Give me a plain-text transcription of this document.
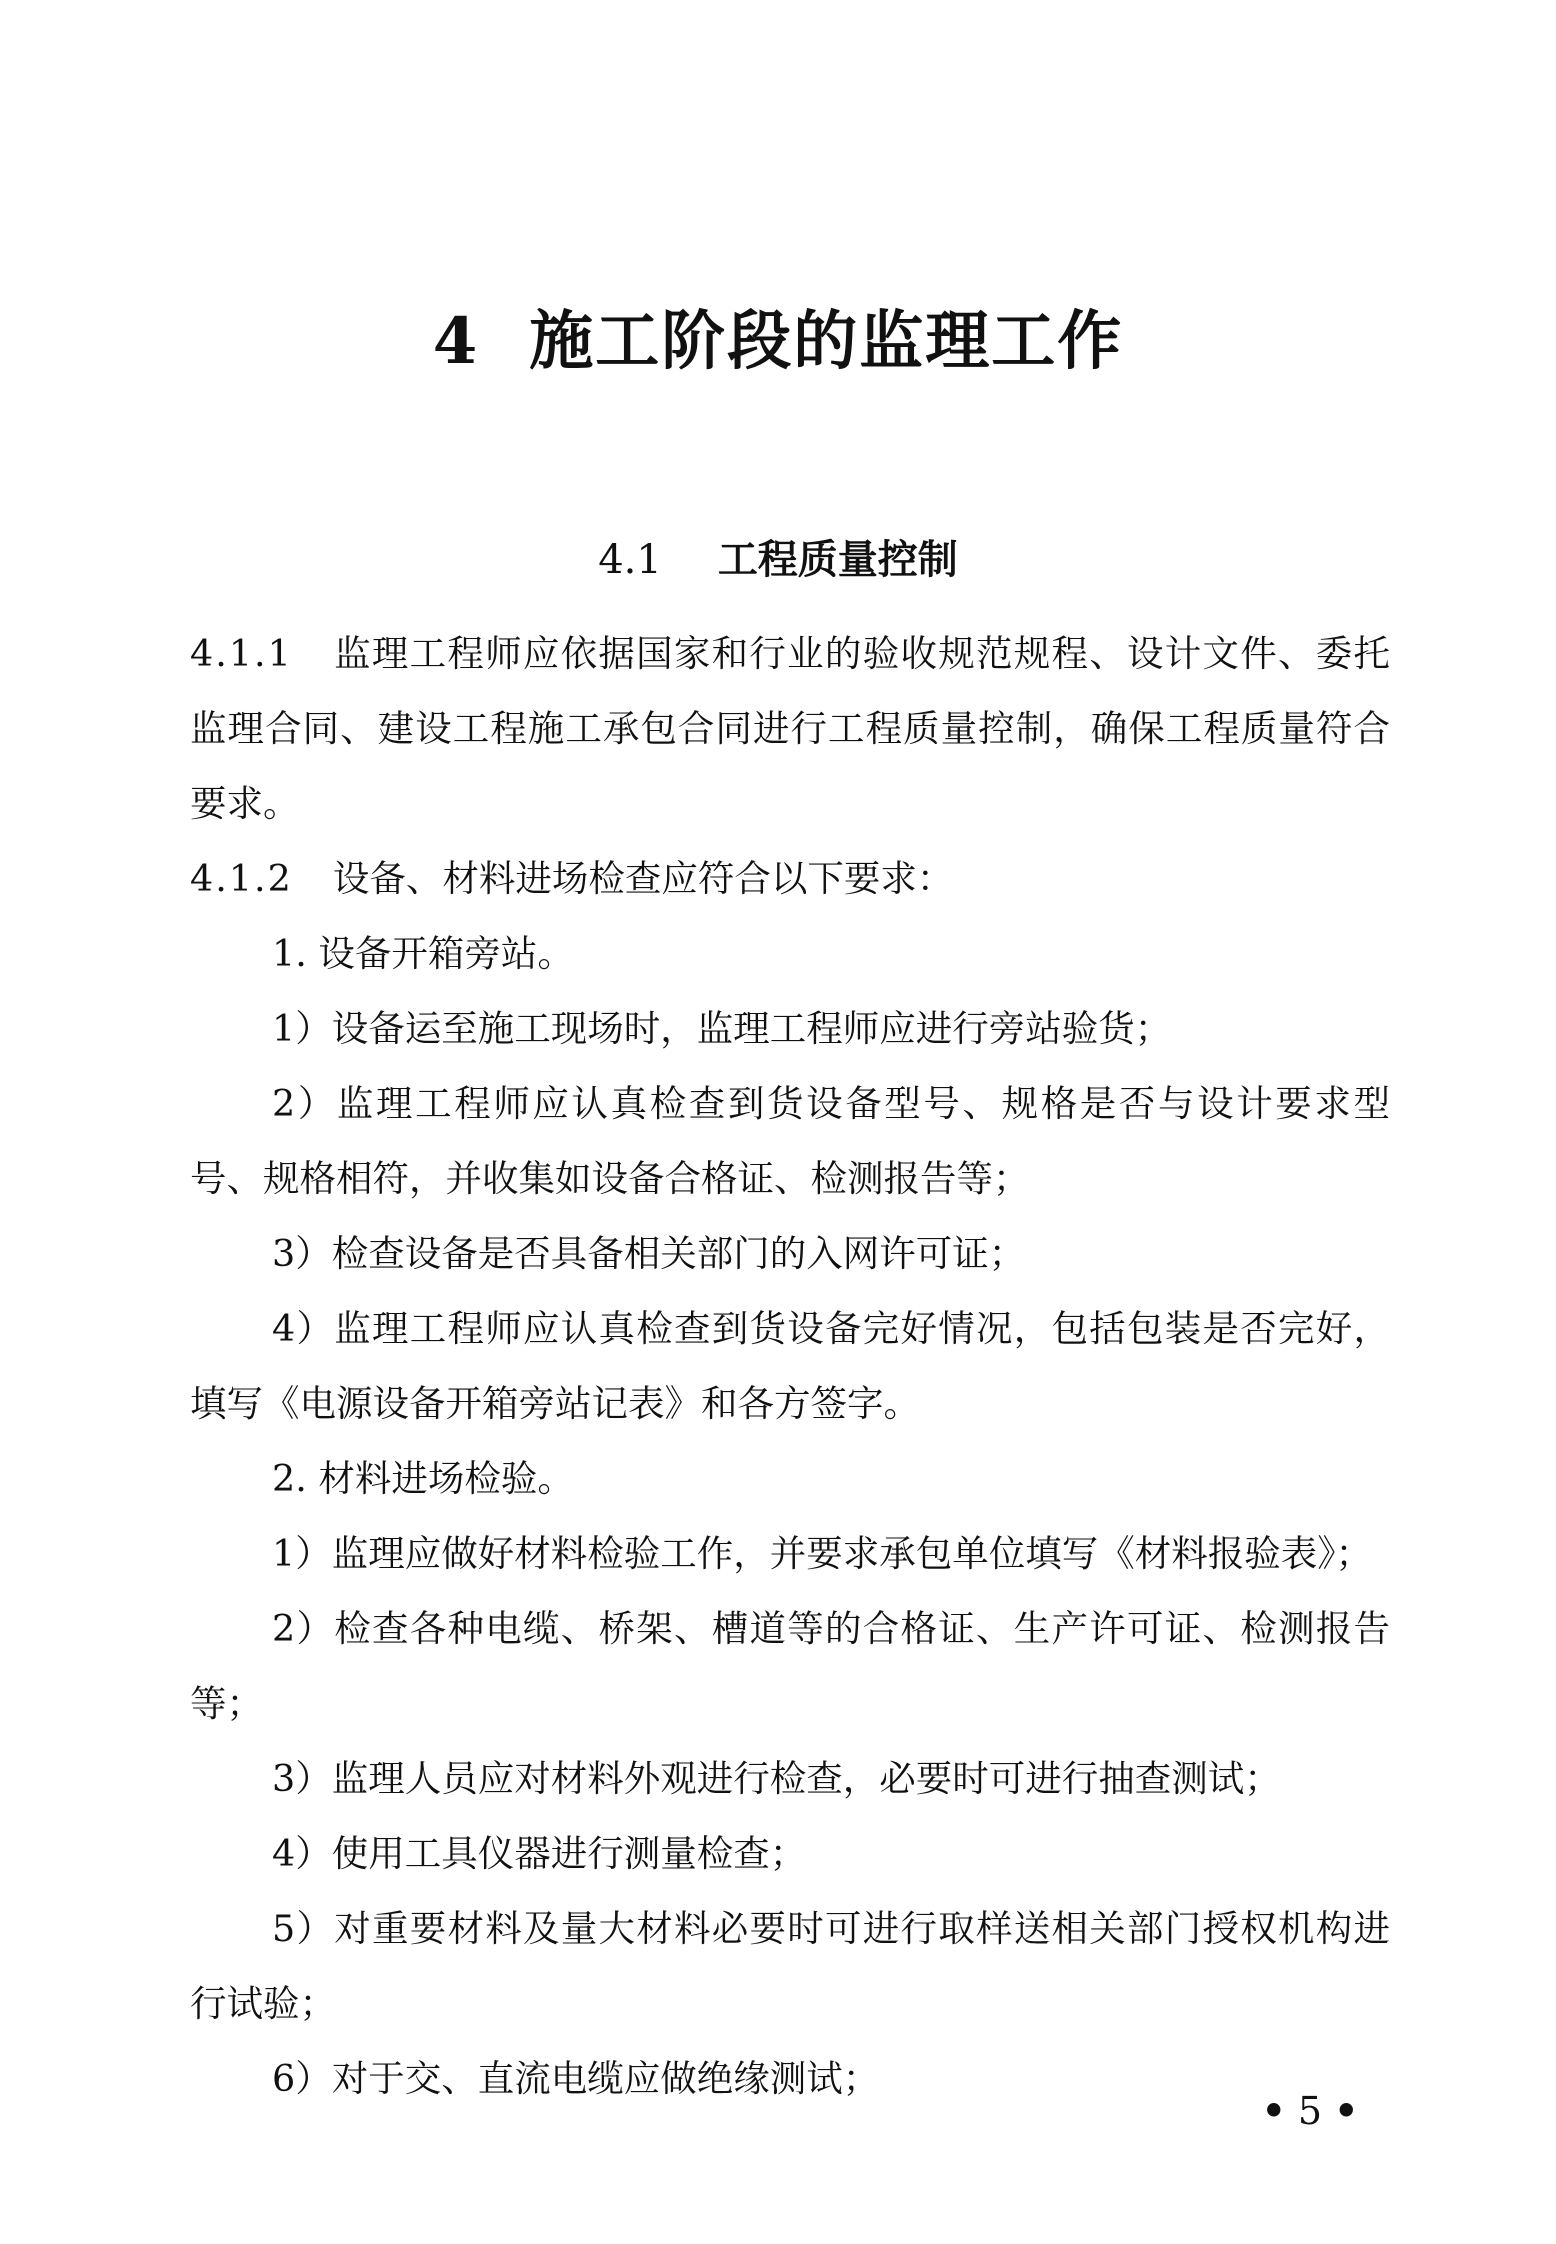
4 施工阶段的监理工作
4.1 工程质量控制

4.1.1 监理工程师应依据国家和行业的验收规范规程、设计文件、委托监理合同、建设工程施工承包合同进行工程质量控制，确保工程质量符合要求。

4.1.2 设备、材料进场检查应符合以下要求：

1. 设备开箱旁站。

1）设备运至施工现场时，监理工程师应进行旁站验货；

2）监理工程师应认真检查到货设备型号、规格是否与设计要求型号、规格相符，并收集如设备合格证、检测报告等；

3）检查设备是否具备相关部门的入网许可证；

4）监理工程师应认真检查到货设备完好情况，包括包装是否完好，填写《电源设备开箱旁站记表》和各方签字。

2. 材料进场检验。

1）监理应做好材料检验工作，并要求承包单位填写《材料报验表》；

2）检查各种电缆、桥架、槽道等的合格证、生产许可证、检测报告等；

3）监理人员应对材料外观进行检查，必要时可进行抽查测试；

4）使用工具仪器进行测量检查；

5）对重要材料及量大材料必要时可进行取样送相关部门授权机构进行试验；

6）对于交、直流电缆应做绝缘测试；

• 5 •
